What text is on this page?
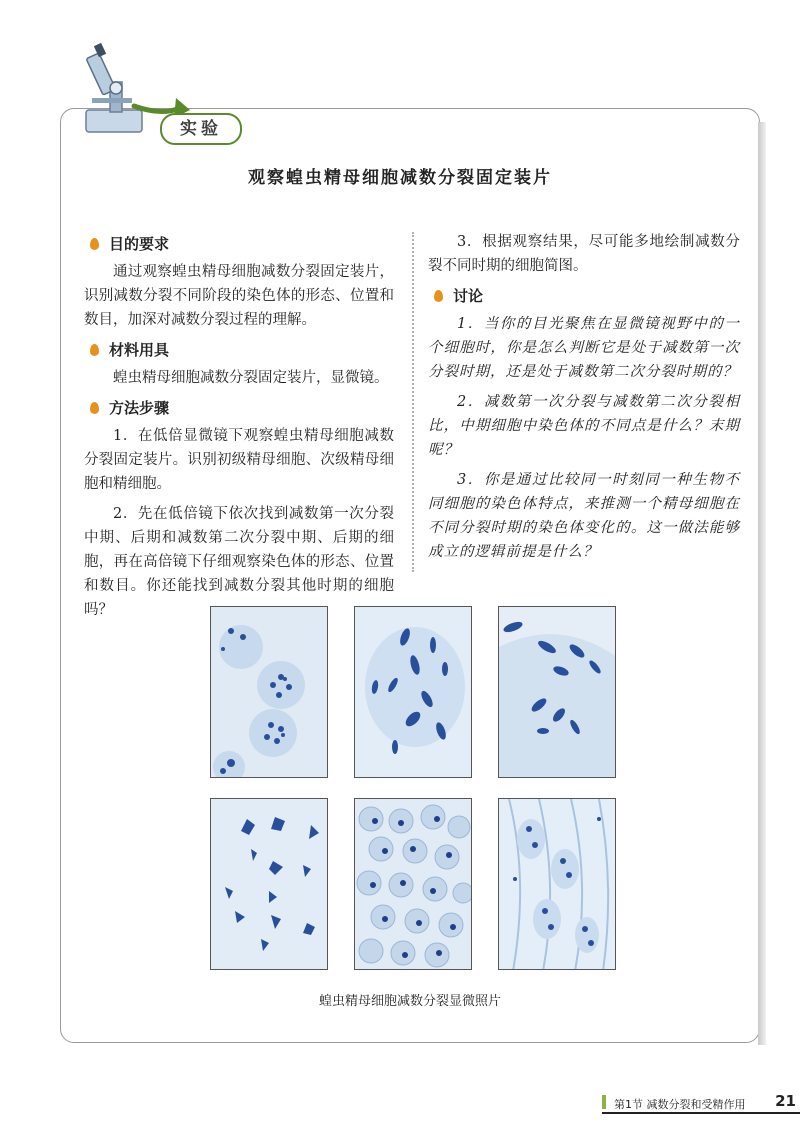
实验
观察蝗虫精母细胞减数分裂固定装片
目的要求

通过观察蝗虫精母细胞减数分裂固定装片，识别减数分裂不同阶段的染色体的形态、位置和数目，加深对减数分裂过程的理解。

材料用具

蝗虫精母细胞减数分裂固定装片，显微镜。

方法步骤

1．在低倍显微镜下观察蝗虫精母细胞减数分裂固定装片。识别初级精母细胞、次级精母细胞和精细胞。

2．先在低倍镜下依次找到减数第一次分裂中期、后期和减数第二次分裂中期、后期的细胞，再在高倍镜下仔细观察染色体的形态、位置和数目。你还能找到减数分裂其他时期的细胞吗？

3．根据观察结果，尽可能多地绘制减数分裂不同时期的细胞简图。

讨论

1．当你的目光聚焦在显微镜视野中的一个细胞时，你是怎么判断它是处于减数第一次分裂时期，还是处于减数第二次分裂时期的？

2．减数第一次分裂与减数第二次分裂相比，中期细胞中染色体的不同点是什么？末期呢？

3．你是通过比较同一时刻同一种生物不同细胞的染色体特点，来推测一个精母细胞在不同分裂时期的染色体变化的。这一做法能够成立的逻辑前提是什么？

蝗虫精母细胞减数分裂显微照片
第1节 减数分裂和受精作用 21
